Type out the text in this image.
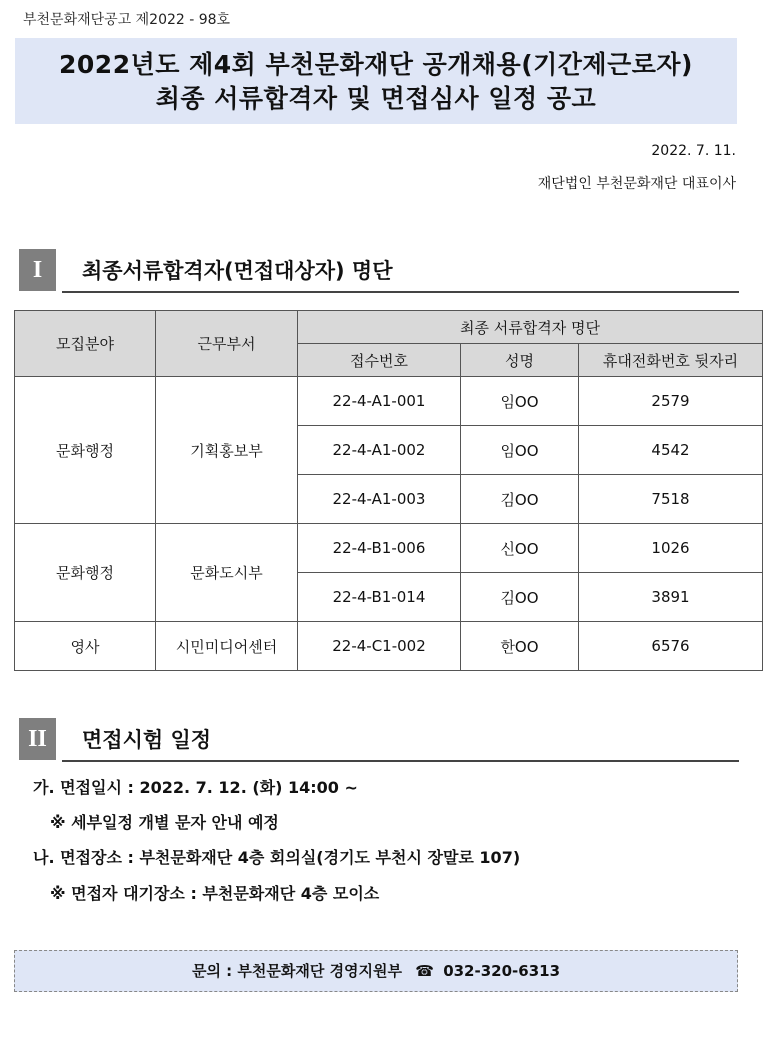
부천문화재단공고 제2022 - 98호
2022년도 제4회 부천문화재단 공개채용(기간제근로자)
최종 서류합격자 및 면접심사 일정 공고
2022. 7. 11.
재단법인 부천문화재단 대표이사
I	최종서류합격자(면접대상자) 명단
모집분야	근무부서	최종 서류합격자 명단		
		접수번호	성명	휴대전화번호 뒷자리
문화행정	기획홍보부	22-4-A1-001	임OO	2579
		22-4-A1-002	임OO	4542
		22-4-A1-003	김OO	7518
문화행정	문화도시부	22-4-B1-006	신OO	1026
		22-4-B1-014	김OO	3891
영사	시민미디어센터	22-4-C1-002	한OO	6576
II	면접시험 일정
가. 면접일시 : 2022. 7. 12. (화) 14:00 ~
※ 세부일정 개별 문자 안내 예정
나. 면접장소 : 부천문화재단 4층 회의실(경기도 부천시 장말로 107)
※ 면접자 대기장소 : 부천문화재단 4층 모이소
문의 : 부천문화재단 경영지원부 ☎ 032-320-6313
